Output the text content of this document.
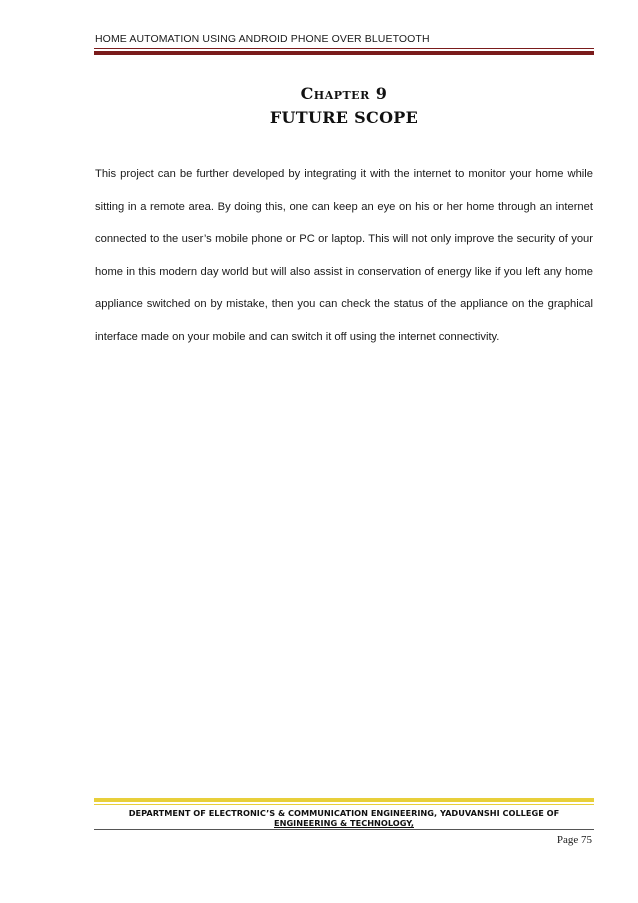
HOME AUTOMATION USING ANDROID PHONE OVER BLUETOOTH
Chapter 9
FUTURE SCOPE

This project can be further developed by integrating it with the internet to monitor your home while sitting in a remote area. By doing this, one can keep an eye on his or her home through an internet connected to the user’s mobile phone or PC or laptop. This will not only improve the security of your home in this modern day world but will also assist in conservation of energy like if you left any home appliance switched on by mistake, then you can check the status of the appliance on the graphical interface made on your mobile and can switch it off using the internet connectivity.

DEPARTMENT OF ELECTRONIC’S & COMMUNICATION ENGINEERING, YADUVANSHI COLLEGE OF
ENGINEERING & TECHNOLOGY,
Page 75
